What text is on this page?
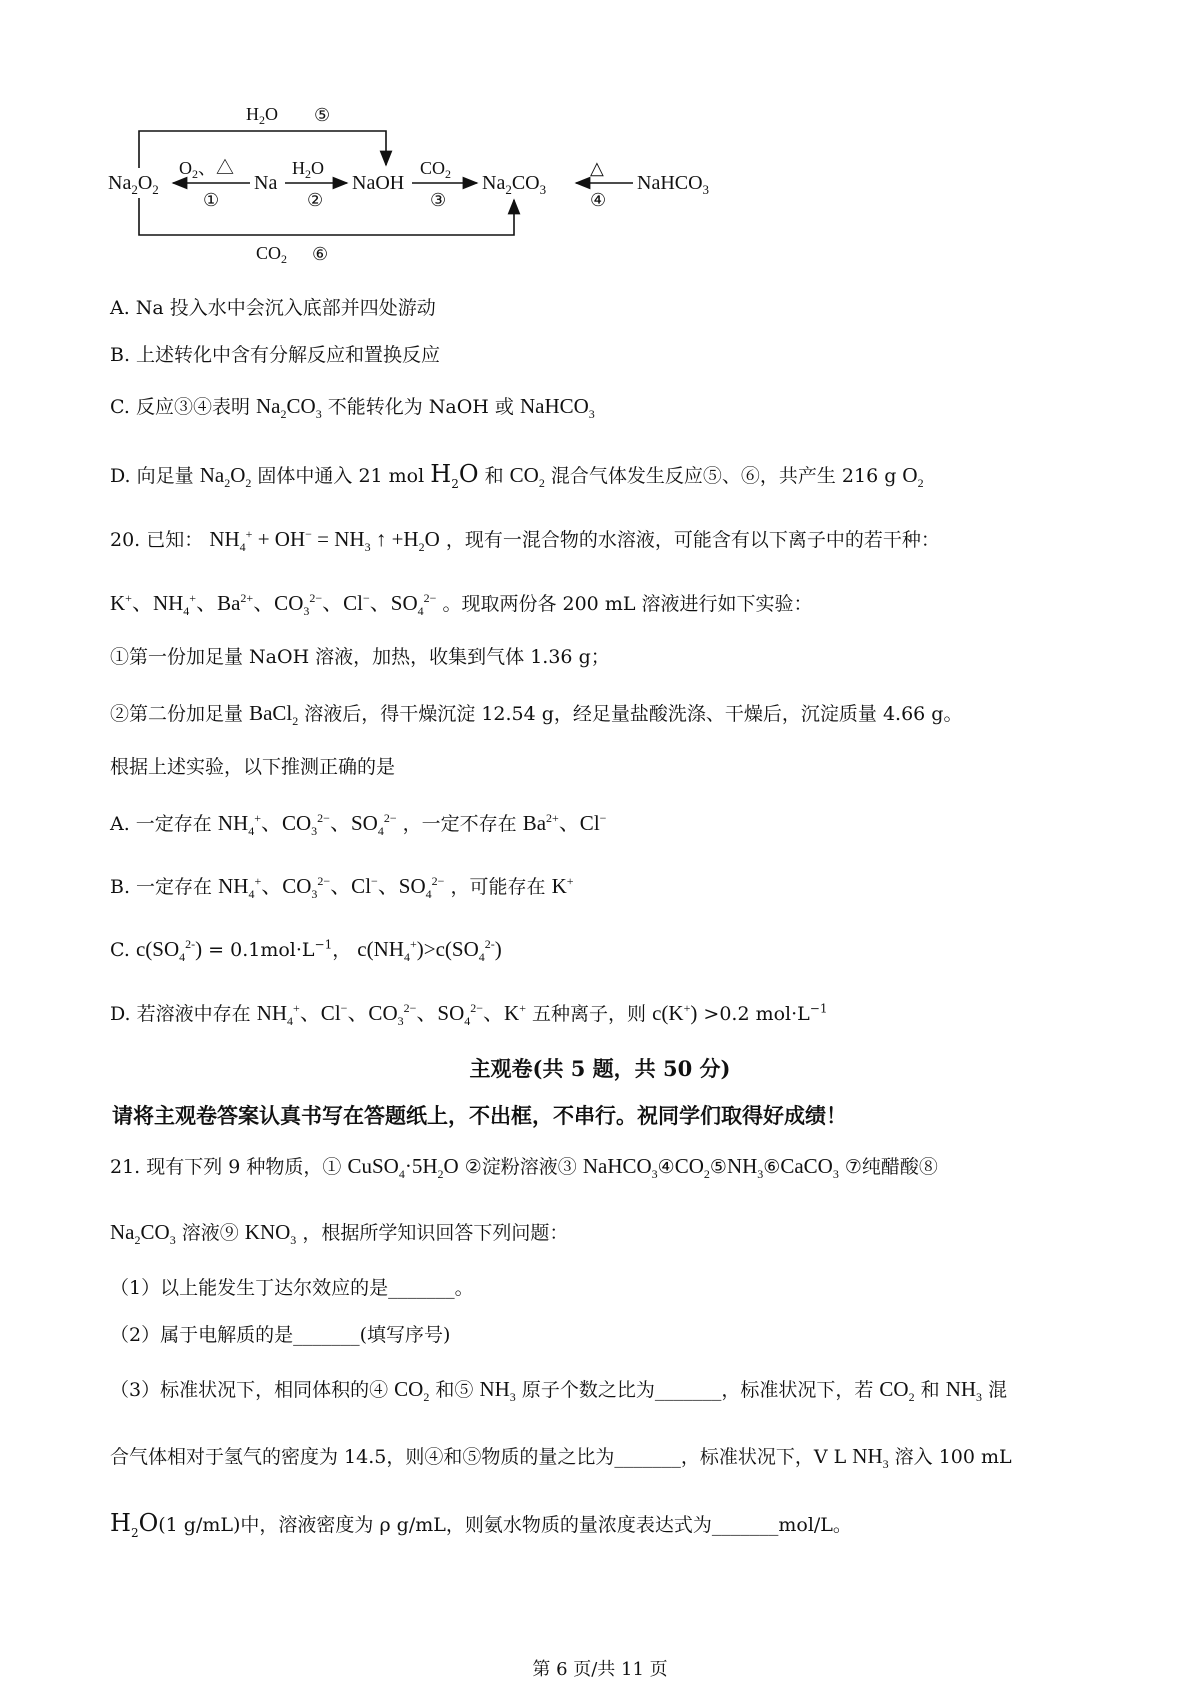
$Na_2O_2$	Na	NaOH	$Na_2CO_3$	NaHCO$_3$
$O_2$、△
①
$H_2O$
②
$CO_2$
③
△
④
$H_2O$ ⑤
$CO_2$ ⑥
A. Na 投入水中会沉入底部并四处游动
B. 上述转化中含有分解反应和置换反应
C. 反应③④表明 $Na_2CO_3$ 不能转化为 NaOH 或 NaHCO$_3$
D. 向足量 $Na_2O_2$ 固体中通入 21 mol $H_2O$ 和 $CO_2$ 混合气体发生反应⑤、⑥，共产生 216 g $O_2$
20. 已知： $NH_4^+ + OH^- = NH_3$ ↑ $+H_2O$ ，现有一混合物的水溶液，可能含有以下离子中的若干种：
K+、$NH_4^+$、$Ba^{2+}$、$CO_3^{2-}$、Cl−、$SO_4^{2-}$ 。现取两份各 200 mL 溶液进行如下实验：
①第一份加足量 NaOH 溶液，加热，收集到气体 1.36 g；
②第二份加足量 BaCl$_2$ 溶液后，得干燥沉淀 12.54 g，经足量盐酸洗涤、干燥后，沉淀质量 4.66 g。
根据上述实验，以下推测正确的是
A. 一定存在 $NH_4^+$、$CO_3^{2-}$、$SO_4^{2-}$ ，一定不存在 $Ba^{2+}$、Cl−
B. 一定存在 $NH_4^+$、$CO_3^{2-}$、Cl−、$SO_4^{2-}$ ，可能存在 K+
C. $c(SO_4^{2-}) = 0.1mol\cdot L^{-1}$， $c(NH_4^+)>c(SO_4^{2-})$
D. 若溶液中存在 $NH_4^+$、Cl−、$CO_3^{2-}$、$SO_4^{2-}$、K+ 五种离子，则 c(K+) >0.2 $mol\cdot L^{-1}$
主观卷(共 5 题，共 50 分)
请将主观卷答案认真书写在答题纸上，不出框，不串行。祝同学们取得好成绩！
21. 现有下列 9 种物质，① $CuSO_4\cdot 5H_2O$ ②淀粉溶液③ $NaHCO_3④CO_2⑤NH_3⑥CaCO_3$ ⑦纯醋酸⑧
$Na_2CO_3$ 溶液⑨ $KNO_3$ ，根据所学知识回答下列问题：
（1）以上能发生丁达尔效应的是_______。
（2）属于电解质的是_______(填写序号)
（3）标准状况下，相同体积的④ $CO_2$ 和⑤ $NH_3$ 原子个数之比为_______，标准状况下，若 $CO_2$ 和 $NH_3$ 混
合气体相对于氢气的密度为 14.5，则④和⑤物质的量之比为_______，标准状况下，V L $NH_3$ 溶入 100 mL
$H_2O(1$ g/mL)中，溶液密度为 ρ g/mL，则氨水物质的量浓度表达式为_______mol/L。
第 6 页/共 11 页
